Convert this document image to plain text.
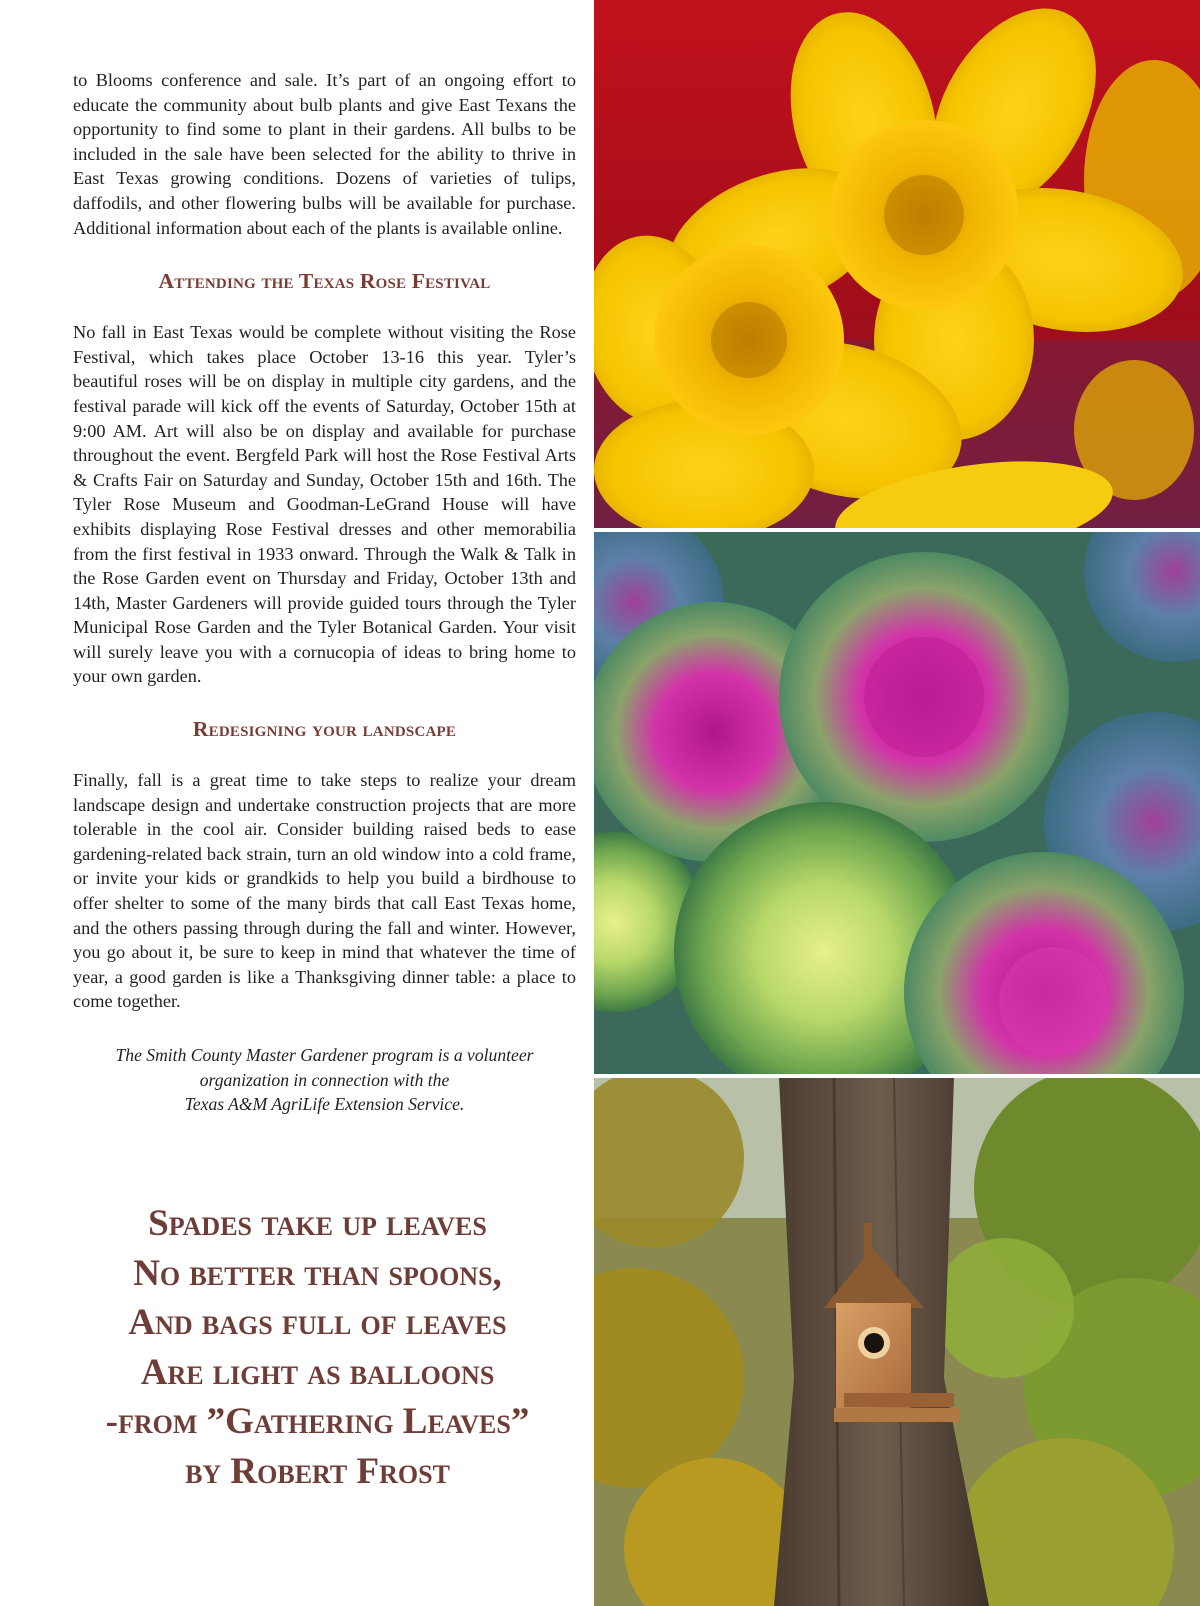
to Blooms conference and sale. It’s part of an ongoing effort to educate the community about bulb plants and give East Texans the opportunity to find some to plant in their gardens. All bulbs to be included in the sale have been selected for the ability to thrive in East Texas growing conditions. Dozens of varieties of tulips, daffodils, and other flowering bulbs will be available for purchase. Additional information about each of the plants is available online.

Attending the Texas Rose Festival

No fall in East Texas would be complete without visiting the Rose Festival, which takes place October 13-16 this year. Tyler’s beautiful roses will be on display in multiple city gardens, and the festival parade will kick off the events of Saturday, October 15th at 9:00 AM. Art will also be on display and available for purchase throughout the event. Bergfeld Park will host the Rose Festival Arts & Crafts Fair on Saturday and Sunday, October 15th and 16th. The Tyler Rose Museum and Goodman-LeGrand House will have exhibits displaying Rose Festival dresses and other memorabilia from the first festival in 1933 onward. Through the Walk & Talk in the Rose Garden event on Thursday and Friday, October 13th and 14th, Master Gardeners will provide guided tours through the Tyler Municipal Rose Garden and the Tyler Botanical Garden. Your visit will surely leave you with a cornucopia of ideas to bring home to your own garden.

Redesigning your landscape

Finally, fall is a great time to take steps to realize your dream landscape design and undertake construction projects that are more tolerable in the cool air. Consider building raised beds to ease gardening-related back strain, turn an old window into a cold frame, or invite your kids or grandkids to help you build a birdhouse to offer shelter to some of the many birds that call East Texas home, and the others passing through during the fall and winter. However, you go about it, be sure to keep in mind that whatever the time of year, a good garden is like a Thanksgiving dinner table: a place to come together.

The Smith County Master Gardener program is a volunteer
organization in connection with the
Texas A&M AgriLife Extension Service.
Spades take up leaves
No better than spoons,
And bags full of leaves
Are light as balloons
-from ”Gathering Leaves”
by Robert Frost
